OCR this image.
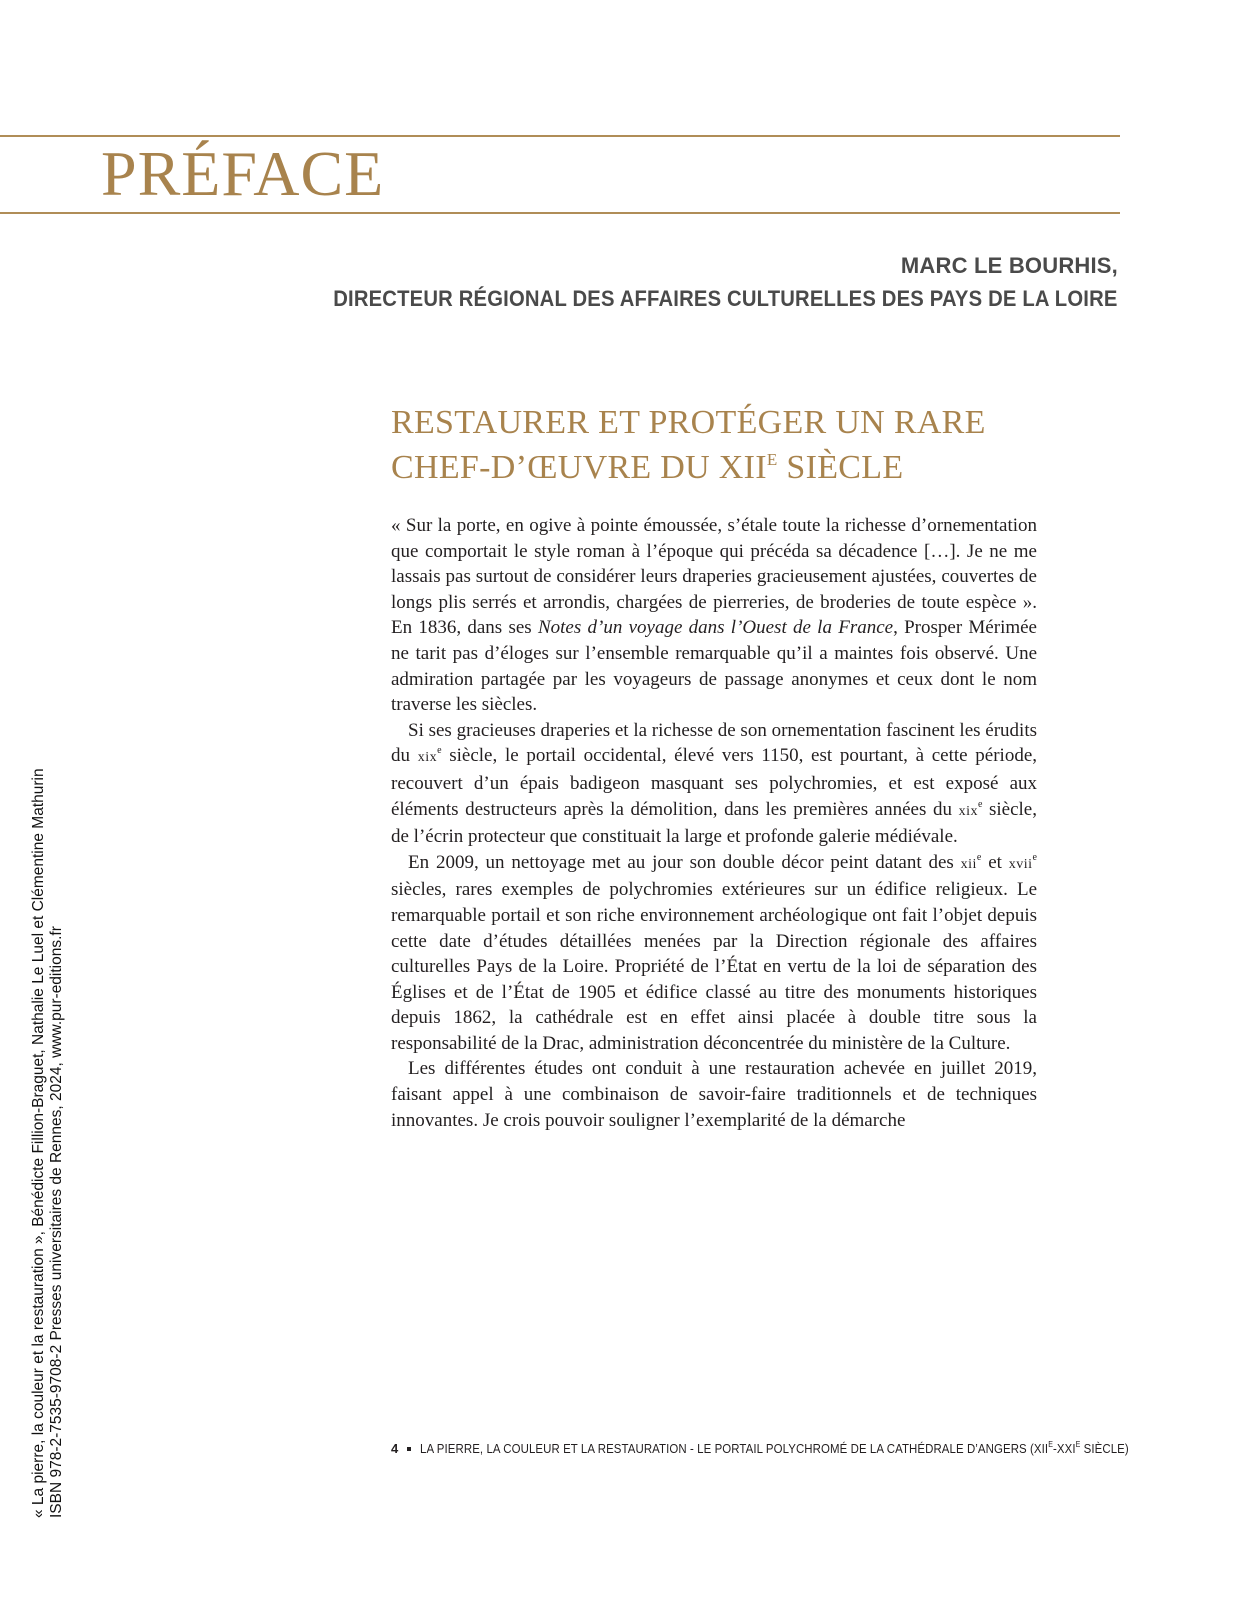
PRÉFACE
MARC LE BOURHIS,
DIRECTEUR RÉGIONAL DES AFFAIRES CULTURELLES DES PAYS DE LA LOIRE
RESTAURER ET PROTÉGER UN RARE
CHEF-D’ŒUVRE DU $XII^E$ SIÈCLE

« Sur la porte, en ogive à pointe émoussée, s’étale toute la richesse d’ornementation que comportait le style roman à l’époque qui précéda sa décadence […]. Je ne me lassais pas surtout de considérer leurs draperies gracieusement ajustées, couvertes de longs plis serrés et arrondis, chargées de pierreries, de broderies de toute espèce ». En 1836, dans ses Notes d’un voyage dans l’Ouest de la France, Prosper Mérimée ne tarit pas d’éloges sur l’ensemble remarquable qu’il a maintes fois observé. Une admiration partagée par les voyageurs de passage anonymes et ceux dont le nom traverse les siècles.

Si ses gracieuses draperies et la richesse de son ornementation fascinent les érudits du xix$^e$ siècle, le portail occidental, élevé vers 1150, est pourtant, à cette période, recouvert d’un épais badigeon masquant ses polychromies, et est exposé aux éléments destructeurs après la démolition, dans les premières années du xix$^e$ siècle, de l’écrin protecteur que constituait la large et profonde galerie médiévale.

En 2009, un nettoyage met au jour son double décor peint datant des xii$^e$ et xvii$^e$ siècles, rares exemples de polychromies extérieures sur un édifice religieux. Le remarquable portail et son riche environnement archéologique ont fait l’objet depuis cette date d’études détaillées menées par la Direction régionale des affaires culturelles Pays de la Loire. Propriété de l’État en vertu de la loi de séparation des Églises et de l’État de 1905 et édifice classé au titre des monuments historiques depuis 1862, la cathédrale est en effet ainsi placée à double titre sous la responsabilité de la Drac, administration déconcentrée du ministère de la Culture.

Les différentes études ont conduit à une restauration achevée en juillet 2019, faisant appel à une combinaison de savoir-faire traditionnels et de techniques innovantes. Je crois pouvoir souligner l’exemplarité de la démarche

« La pierre, la couleur et la restauration », Bénédicte Fillion-Braguet, Nathalie Le Luel et Clémentine Mathurin ISBN 978-2-7535-9708-2 Presses universitaires de Rennes, 2024, www.pur-editions.fr	4 LA PIERRE, LA COULEUR ET LA RESTAURATION - LE PORTAIL POLYCHROMÉ DE LA CATHÉDRALE D’ANGERS ($XII^E-XXI^E$ SIÈCLE)
